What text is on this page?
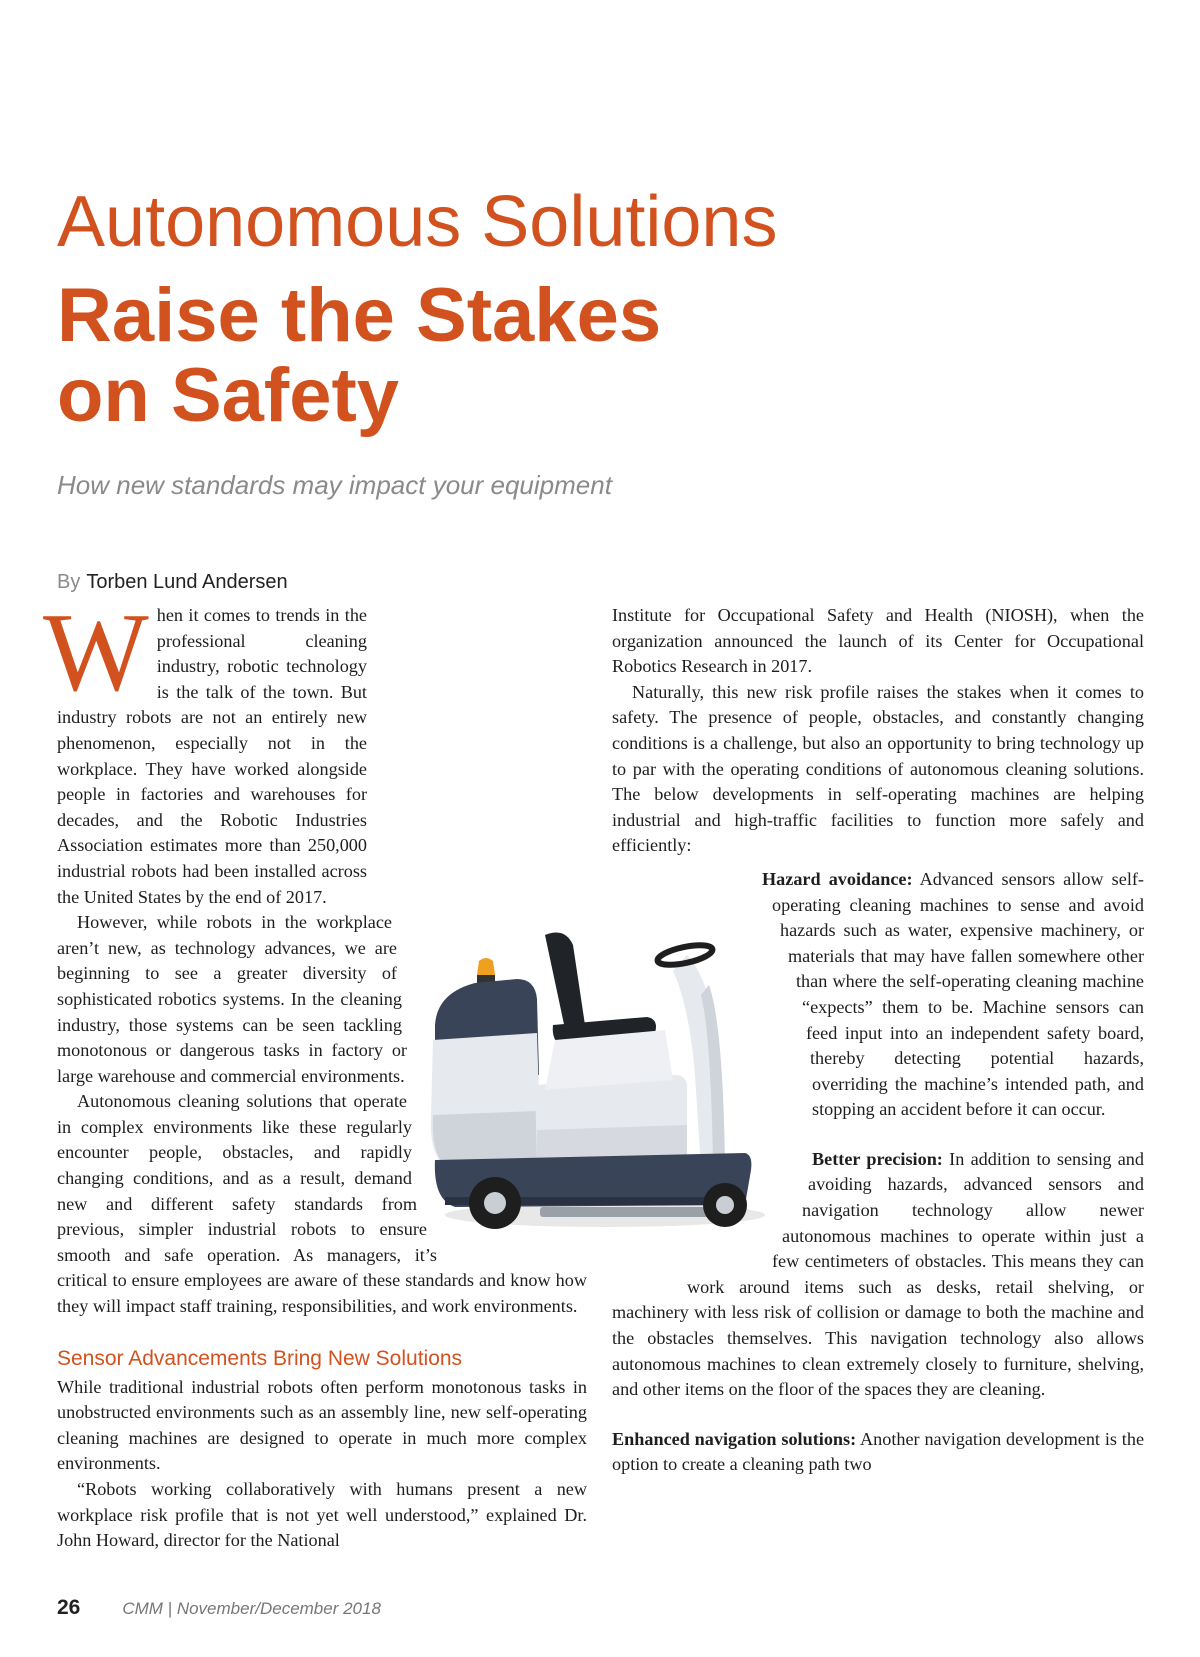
Autonomous Solutions
Raise the Stakes
on Safety
How new standards may impact your equipment
By Torben Lund Andersen
W hen it comes to trends in the professional cleaning industry, robotic technology is the talk of the town. But industry robots are not an entirely new phenomenon, especially not in the workplace. They have worked alongside people in factories and warehouses for decades, and the Robotic Industries Association estimates more than 250,000 industrial robots had been installed across the United States by the end of 2017.

However, while robots in the workplace aren’t new, as technology advances, we are beginning to see a greater diversity of sophisticated robotics systems. In the cleaning industry, those systems can be seen tackling monotonous or dangerous tasks in factory or large warehouse and commercial environments.

Autonomous cleaning solutions that operate in complex environments like these regularly encounter people, obstacles, and rapidly changing conditions, and as a result, demand new and different safety standards from previous, simpler industrial robots to ensure smooth and safe operation. As managers, it’s critical to ensure employees are aware of these standards and know how they will impact staff training, responsibilities, and work environments.

Sensor Advancements Bring New Solutions

While traditional industrial robots often perform monotonous tasks in unobstructed environments such as an assembly line, new self-operating cleaning machines are designed to operate in much more complex environments.

“Robots working collaboratively with humans present a new workplace risk profile that is not yet well understood,” explained Dr. John Howard, director for the National

Institute for Occupational Safety and Health (NIOSH), when the organization announced the launch of its Center for Occupational Robotics Research in 2017.

Naturally, this new risk profile raises the stakes when it comes to safety. The presence of people, obstacles, and constantly changing conditions is a challenge, but also an opportunity to bring technology up to par with the operating conditions of autonomous cleaning solutions. The below developments in self-operating machines are helping industrial and high-traffic facilities to function more safely and efficiently:

Hazard avoidance: Advanced sensors allow self-operating cleaning machines to sense and avoid hazards such as water, expensive machinery, or materials that may have fallen somewhere other than where the self-operating cleaning machine “expects” them to be. Machine sensors can feed input into an independent safety board, thereby detecting potential hazards, overriding the machine’s intended path, and stopping an accident before it can occur.

Better precision: In addition to sensing and avoiding hazards, advanced sensors and navigation technology allow newer autonomous machines to operate within just a few centimeters of obstacles. This means they can work around items such as desks, retail shelving, or machinery with less risk of collision or damage to both the machine and the obstacles themselves. This navigation technology also allows autonomous machines to clean extremely closely to furniture, shelving, and other items on the floor of the spaces they are cleaning.

Enhanced navigation solutions: Another navigation development is the option to create a cleaning path two

26 CMM | November/December 2018
